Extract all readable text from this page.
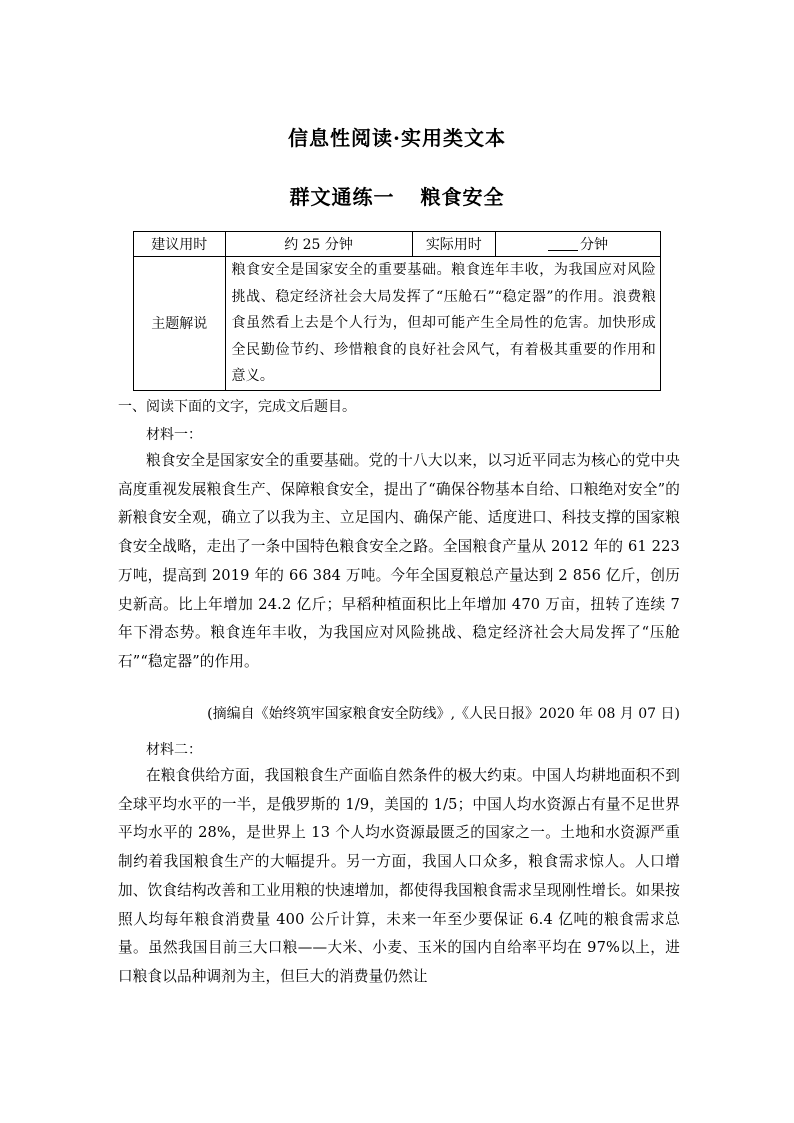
信息性阅读·实用类文本
群文通练一 粮食安全
建议用时	约 25 分钟	实际用时	分钟
主题解说	粮食安全是国家安全的重要基础。粮食连年丰收，为我国应对风险挑战、稳定经济社会大局发挥了“压舱石”“稳定器”的作用。浪费粮食虽然看上去是个人行为，但却可能产生全局性的危害。加快形成全民勤俭节约、珍惜粮食的良好社会风气，有着极其重要的作用和意义。		
一、阅读下面的文字，完成文后题目。
材料一：
粮食安全是国家安全的重要基础。党的十八大以来，以习近平同志为核心的党中央高度重视发展粮食生产、保障粮食安全，提出了“确保谷物基本自给、口粮绝对安全”的新粮食安全观，确立了以我为主、立足国内、确保产能、适度进口、科技支撑的国家粮食安全战略，走出了一条中国特色粮食安全之路。全国粮食产量从 2012 年的 61 223 万吨，提高到 2019 年的 66 384 万吨。今年全国夏粮总产量达到 2 856 亿斤，创历史新高。比上年增加 24.2 亿斤；早稻种植面积比上年增加 470 万亩，扭转了连续 7 年下滑态势。粮食连年丰收，为我国应对风险挑战、稳定经济社会大局发挥了“压舱石”“稳定器”的作用。
(摘编自《始终筑牢国家粮食安全防线》,《人民日报》2020 年 08 月 07 日)
材料二：
在粮食供给方面，我国粮食生产面临自然条件的极大约束。中国人均耕地面积不到全球平均水平的一半，是俄罗斯的 1/9，美国的 1/5；中国人均水资源占有量不足世界平均水平的 28%，是世界上 13 个人均水资源最匮乏的国家之一。土地和水资源严重制约着我国粮食生产的大幅提升。另一方面，我国人口众多，粮食需求惊人。人口增加、饮食结构改善和工业用粮的快速增加，都使得我国粮食需求呈现刚性增长。如果按照人均每年粮食消费量 400 公斤计算，未来一年至少要保证 6.4 亿吨的粮食需求总量。虽然我国目前三大口粮——大米、小麦、玉米的国内自给率平均在 97%以上，进口粮食以品种调剂为主，但巨大的消费量仍然让
